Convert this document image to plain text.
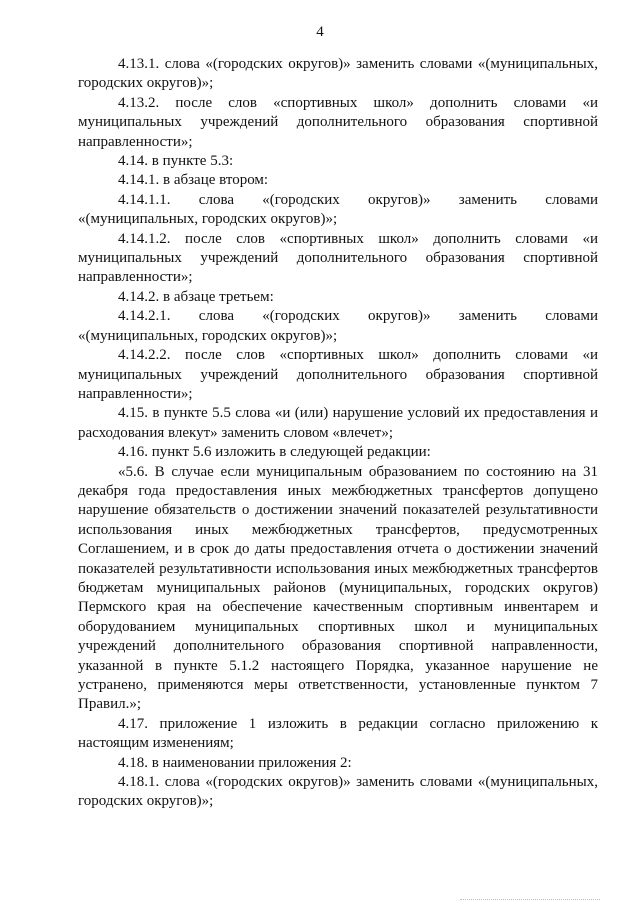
4

4.13.1. слова «(городских округов)» заменить словами «(муниципальных, городских округов)»;

4.13.2. после слов «спортивных школ» дополнить словами «и муниципальных учреждений дополнительного образования спортивной направленности»;

4.14. в пункте 5.3:

4.14.1. в абзаце втором:

4.14.1.1. слова «(городских округов)» заменить словами «(муниципальных, городских округов)»;

4.14.1.2. после слов «спортивных школ» дополнить словами «и муниципальных учреждений дополнительного образования спортивной направленности»;

4.14.2. в абзаце третьем:

4.14.2.1. слова «(городских округов)» заменить словами «(муниципальных, городских округов)»;

4.14.2.2. после слов «спортивных школ» дополнить словами «и муниципальных учреждений дополнительного образования спортивной направленности»;

4.15. в пункте 5.5 слова «и (или) нарушение условий их предоставления и расходования влекут» заменить словом «влечет»;

4.16. пункт 5.6 изложить в следующей редакции:

«5.6. В случае если муниципальным образованием по состоянию на 31 декабря года предоставления иных межбюджетных трансфертов допущено нарушение обязательств о достижении значений показателей результативности использования иных межбюджетных трансфертов, предусмотренных Соглашением, и в срок до даты предоставления отчета о достижении значений показателей результативности использования иных межбюджетных трансфертов бюджетам муниципальных районов (муниципальных, городских округов) Пермского края на обеспечение качественным спортивным инвентарем и оборудованием муниципальных спортивных школ и муниципальных учреждений дополнительного образования спортивной направленности, указанной в пункте 5.1.2 настоящего Порядка, указанное нарушение не устранено, применяются меры ответственности, установленные пунктом 7 Правил.»;

4.17. приложение 1 изложить в редакции согласно приложению к настоящим изменениям;

4.18. в наименовании приложения 2:

4.18.1. слова «(городских округов)» заменить словами «(муниципальных, городских округов)»;
